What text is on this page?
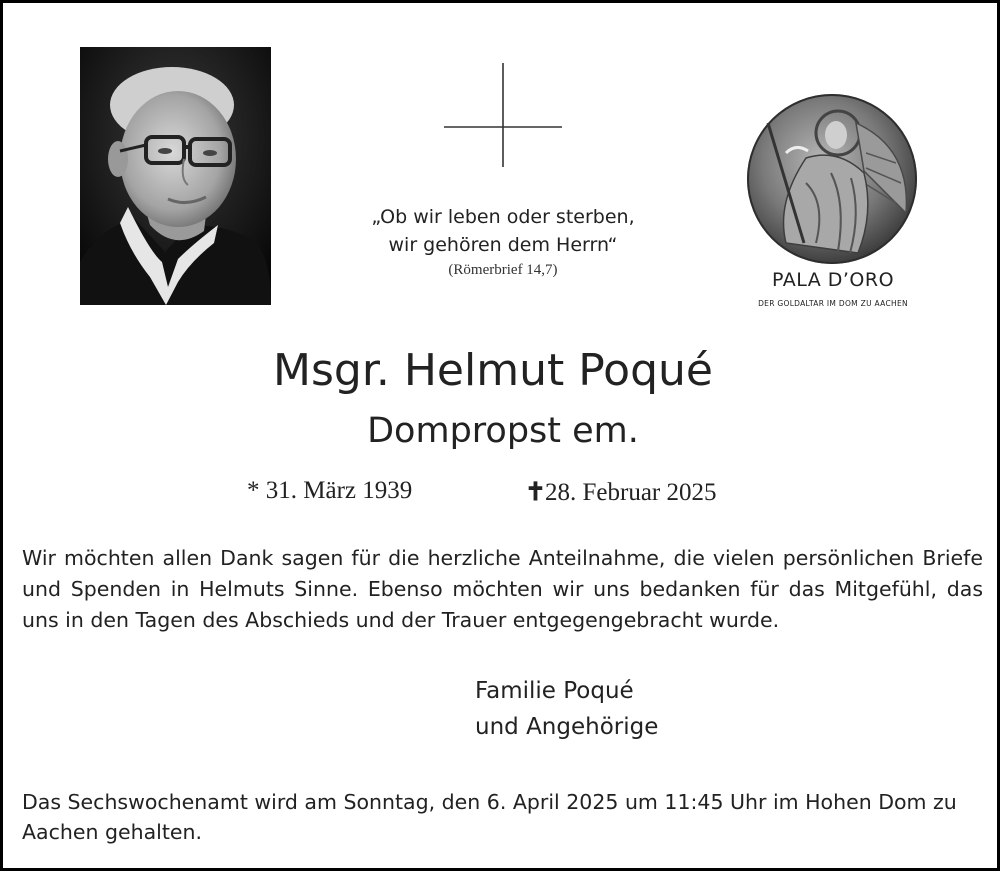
„Ob wir leben oder sterben,
wir gehören dem Herrn“
(Römerbrief 14,7)	PALA D’ORO
DER GOLDALTAR IM DOM ZU AACHEN
Msgr. Helmut Poqué
Dompropst em.
* 31. März 1939	✝28. Februar 2025
Wir möchten allen Dank sagen für die herzliche Anteilnahme, die vielen persönlichen Briefe und Spenden in Helmuts Sinne. Ebenso möchten wir uns bedanken für das Mitgefühl, das uns in den Tagen des Abschieds und der Trauer entgegengebracht wurde.
Familie Poqué
und Angehörige
Das Sechswochenamt wird am Sonntag, den 6. April 2025 um 11:45 Uhr im Hohen Dom zu Aachen gehalten.
